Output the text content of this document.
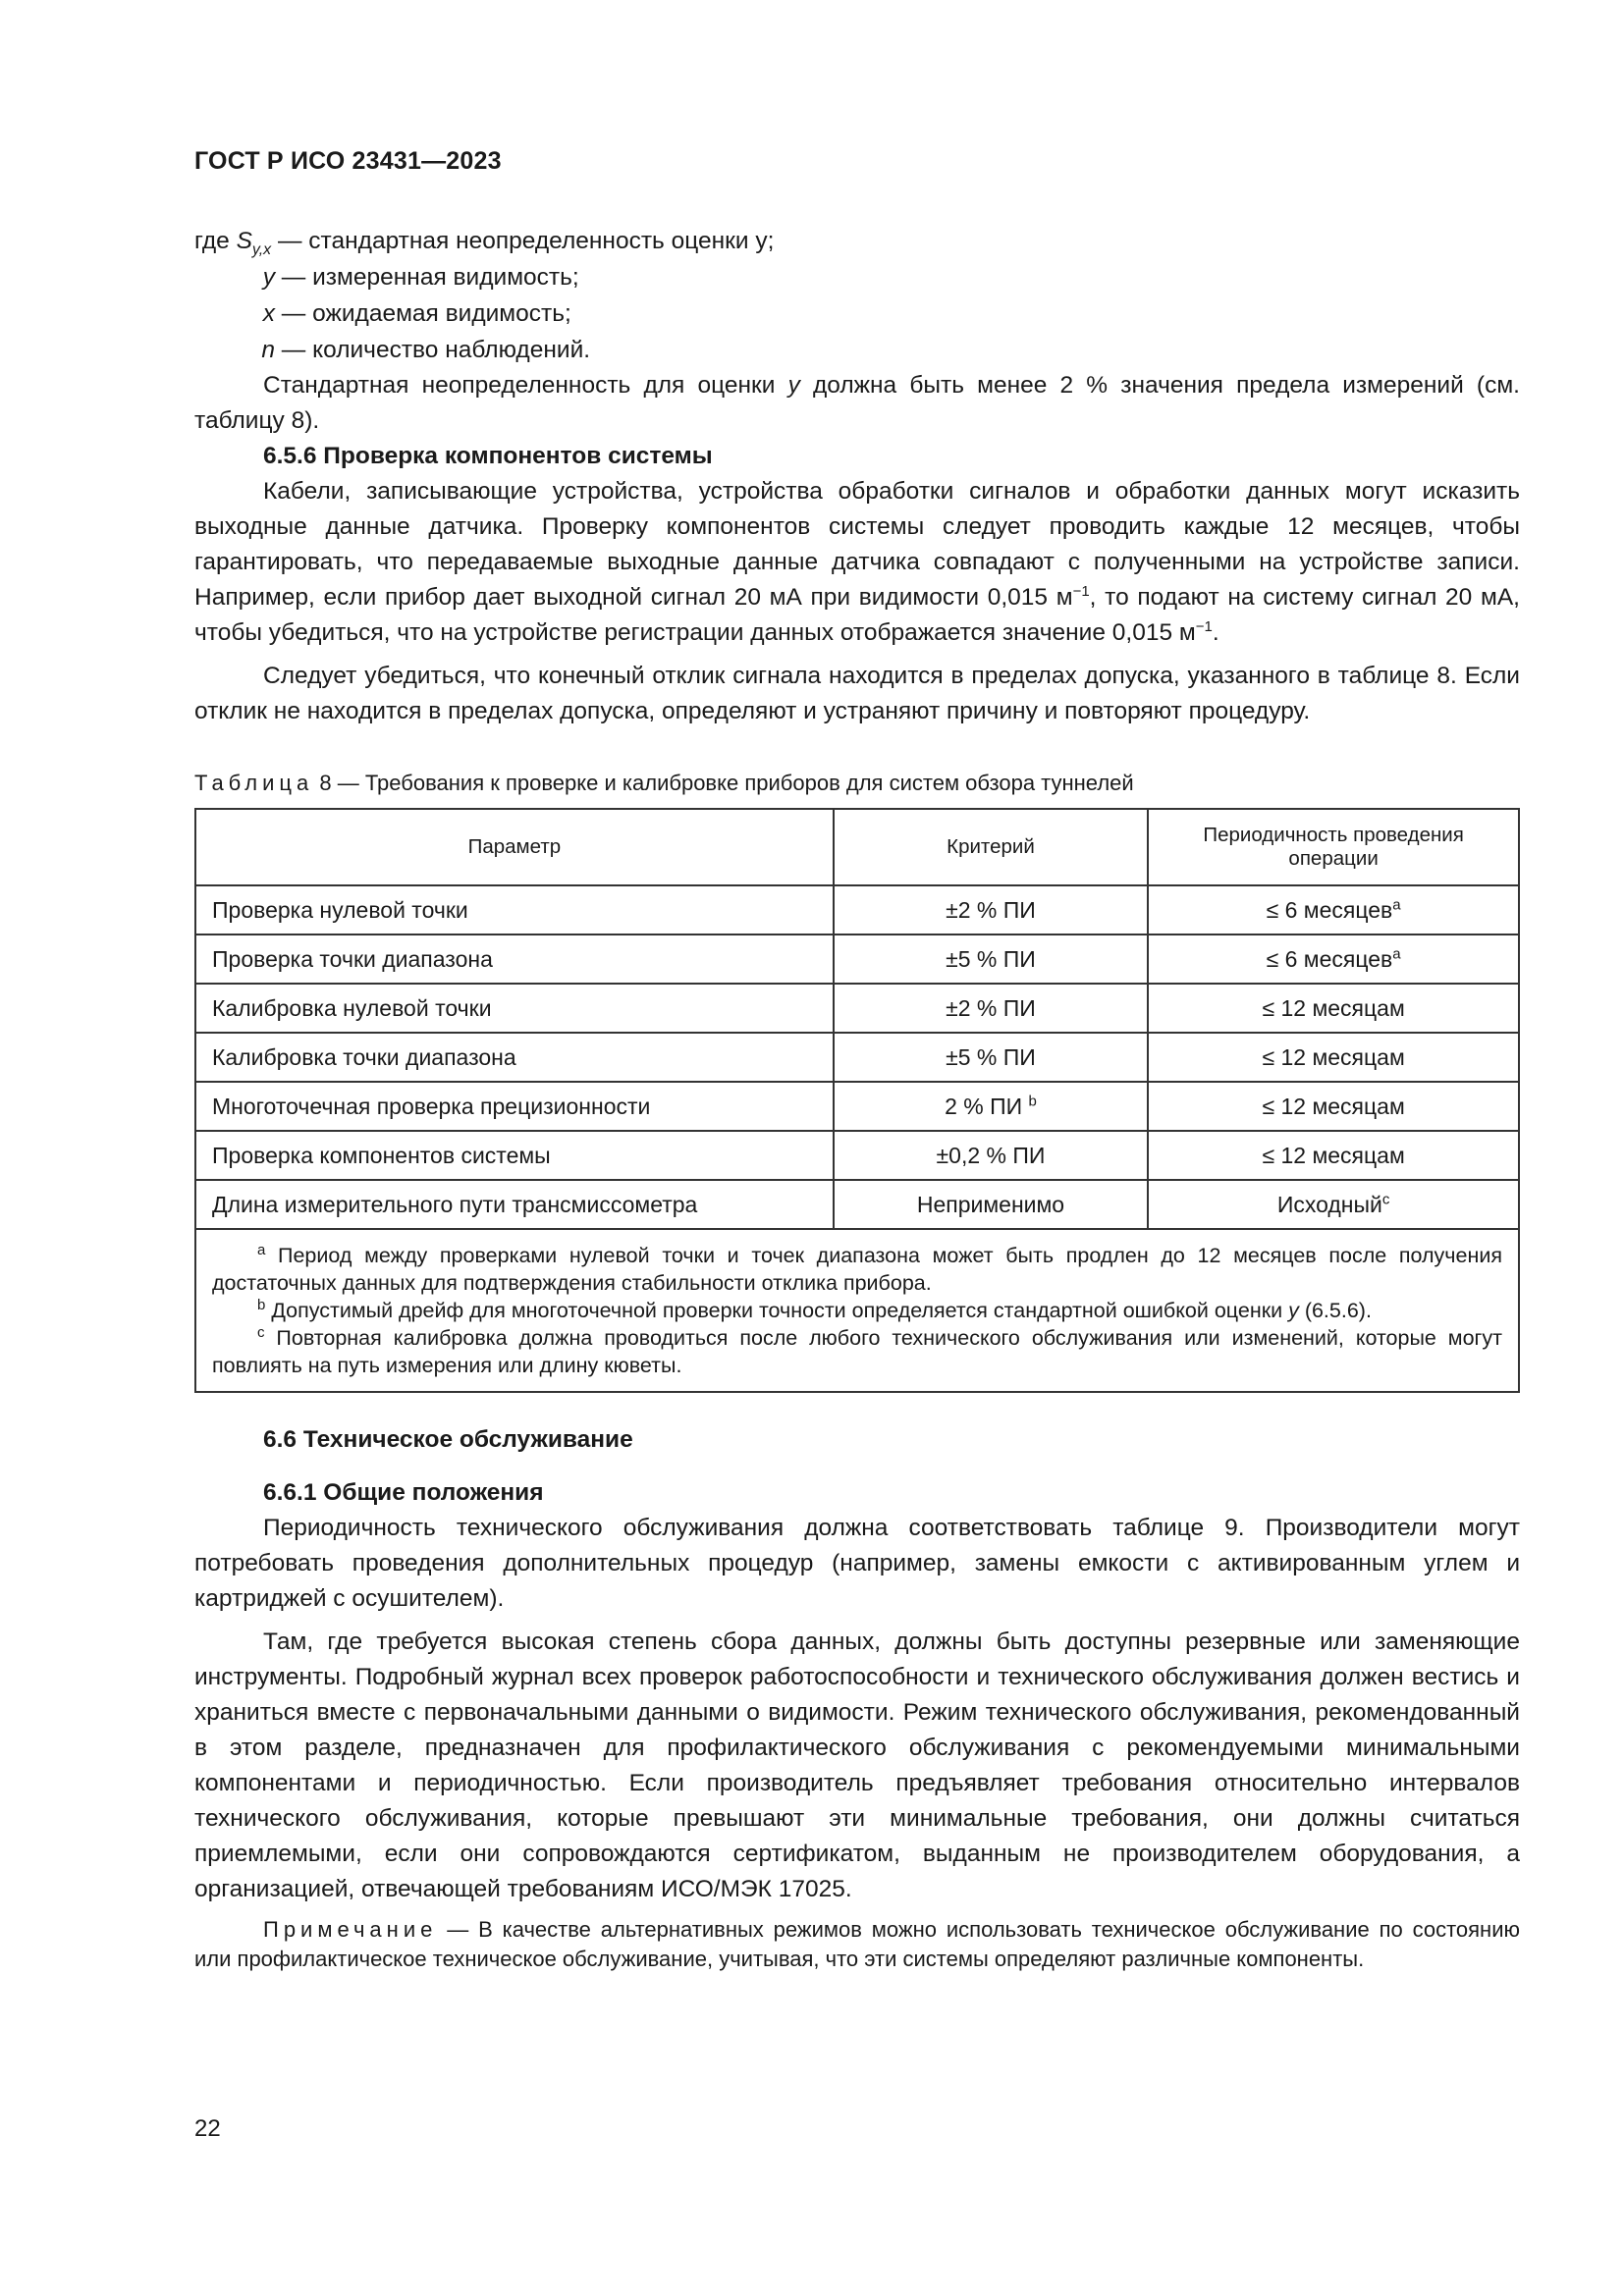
ГОСТ Р ИСО 23431—2023
где $S_{y,x}$ — стандартная неопределенность оценки у;
y — измеренная видимость;
x — ожидаемая видимость;
n — количество наблюдений.

Стандартная неопределенность для оценки y должна быть менее 2 % значения предела измерений (см. таблицу 8).

6.5.6 Проверка компонентов системы

Кабели, записывающие устройства, устройства обработки сигналов и обработки данных могут исказить выходные данные датчика. Проверку компонентов системы следует проводить каждые 12 месяцев, чтобы гарантировать, что передаваемые выходные данные датчика совпадают с полученными на устройстве записи. Например, если прибор дает выходной сигнал 20 мА при видимости 0,015 $м^{-1}$, то подают на систему сигнал 20 мА, чтобы убедиться, что на устройстве регистрации данных отображается значение 0,015 $м^{-1}$.

Следует убедиться, что конечный отклик сигнала находится в пределах допуска, указанного в таблице 8. Если отклик не находится в пределах допуска, определяют и устраняют причину и повторяют процедуру.

Таблица 8 — Требования к проверке и калибровке приборов для систем обзора туннелей
Параметр	Критерий	Периодичность проведения операции

Проверка нулевой точки	±2 % ПИ	≤ 6 месяцев$^a$
Проверка точки диапазона	±5 % ПИ	≤ 6 месяцев$^a$
Калибровка нулевой точки	±2 % ПИ	≤ 12 месяцам
Калибровка точки диапазона	±5 % ПИ	≤ 12 месяцам
Многоточечная проверка прецизионности	2 % ПИ $^b$	≤ 12 месяцам
Проверка компонентов системы	±0,2 % ПИ	≤ 12 месяцам
Длина измерительного пути трансмиссометра	Неприменимо	Исходный$^c$

$^a$ Период между проверками нулевой точки и точек диапазона может быть продлен до 12 месяцев после получения достаточных данных для подтверждения стабильности отклика прибора.
$^b$ Допустимый дрейф для многоточечной проверки точности определяется стандартной ошибкой оценки y (6.5.6).
$^c$ Повторная калибровка должна проводиться после любого технического обслуживания или изменений, которые могут повлиять на путь измерения или длину кюветы.		

6.6 Техническое обслуживание

6.6.1 Общие положения

Периодичность технического обслуживания должна соответствовать таблице 9. Производители могут потребовать проведения дополнительных процедур (например, замены емкости с активированным углем и картриджей с осушителем).

Там, где требуется высокая степень сбора данных, должны быть доступны резервные или заменяющие инструменты. Подробный журнал всех проверок работоспособности и технического обслуживания должен вестись и храниться вместе с первоначальными данными о видимости. Режим технического обслуживания, рекомендованный в этом разделе, предназначен для профилактического обслуживания с рекомендуемыми минимальными компонентами и периодичностью. Если производитель предъявляет требования относительно интервалов технического обслуживания, которые превышают эти минимальные требования, они должны считаться приемлемыми, если они сопровождаются сертификатом, выданным не производителем оборудования, а организацией, отвечающей требованиям ИСО/МЭК 17025.

Примечание — В качестве альтернативных режимов можно использовать техническое обслуживание по состоянию или профилактическое техническое обслуживание, учитывая, что эти системы определяют различные компоненты.

22
